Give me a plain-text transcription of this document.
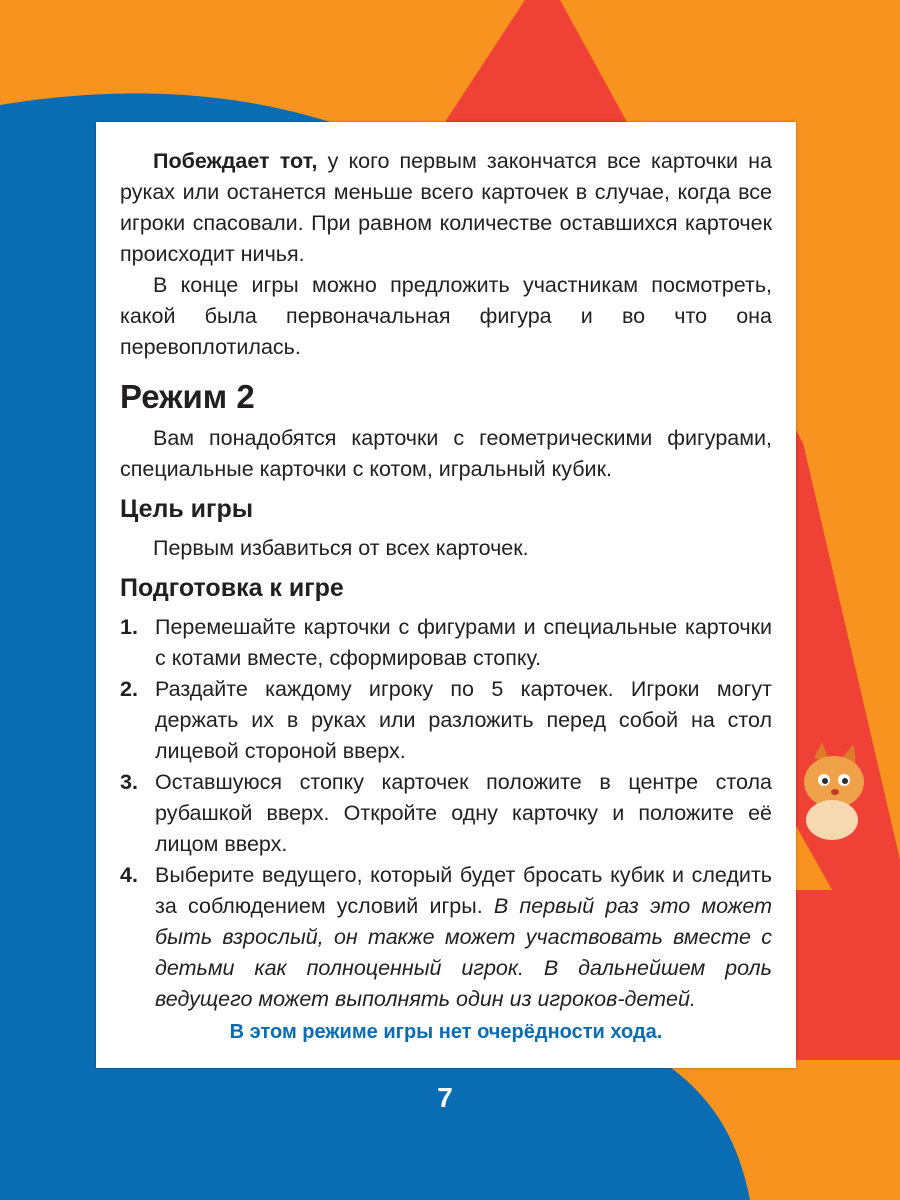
Побеждает тот, у кого первым закончатся все карточки на руках или останется меньше всего карточек в случае, когда все игроки спасовали. При равном количестве оставшихся карточек происходит ничья.

В конце игры можно предложить участникам посмотреть, какой была первоначальная фигура и во что она перевоплотилась.

Режим 2

Вам понадобятся карточки с геометрическими фигурами, специальные карточки с котом, игральный кубик.

Цель игры

Первым избавиться от всех карточек.

Подготовка к игре
1. Перемешайте карточки с фигурами и специальные карточки с котами вместе, сформировав стопку.
2. Раздайте каждому игроку по 5 карточек. Игроки могут держать их в руках или разложить перед собой на стол лицевой стороной вверх.
3. Оставшуюся стопку карточек положите в центре стола рубашкой вверх. Откройте одну карточку и положите её лицом вверх.
4. Выберите ведущего, который будет бросать кубик и следить за соблюдением условий игры. В первый раз это может быть взрослый, он также может участвовать вместе с детьми как полноценный игрок. В дальнейшем роль ведущего может выполнять один из игроков-детей.
В этом режиме игры нет очерёдности хода.
7
